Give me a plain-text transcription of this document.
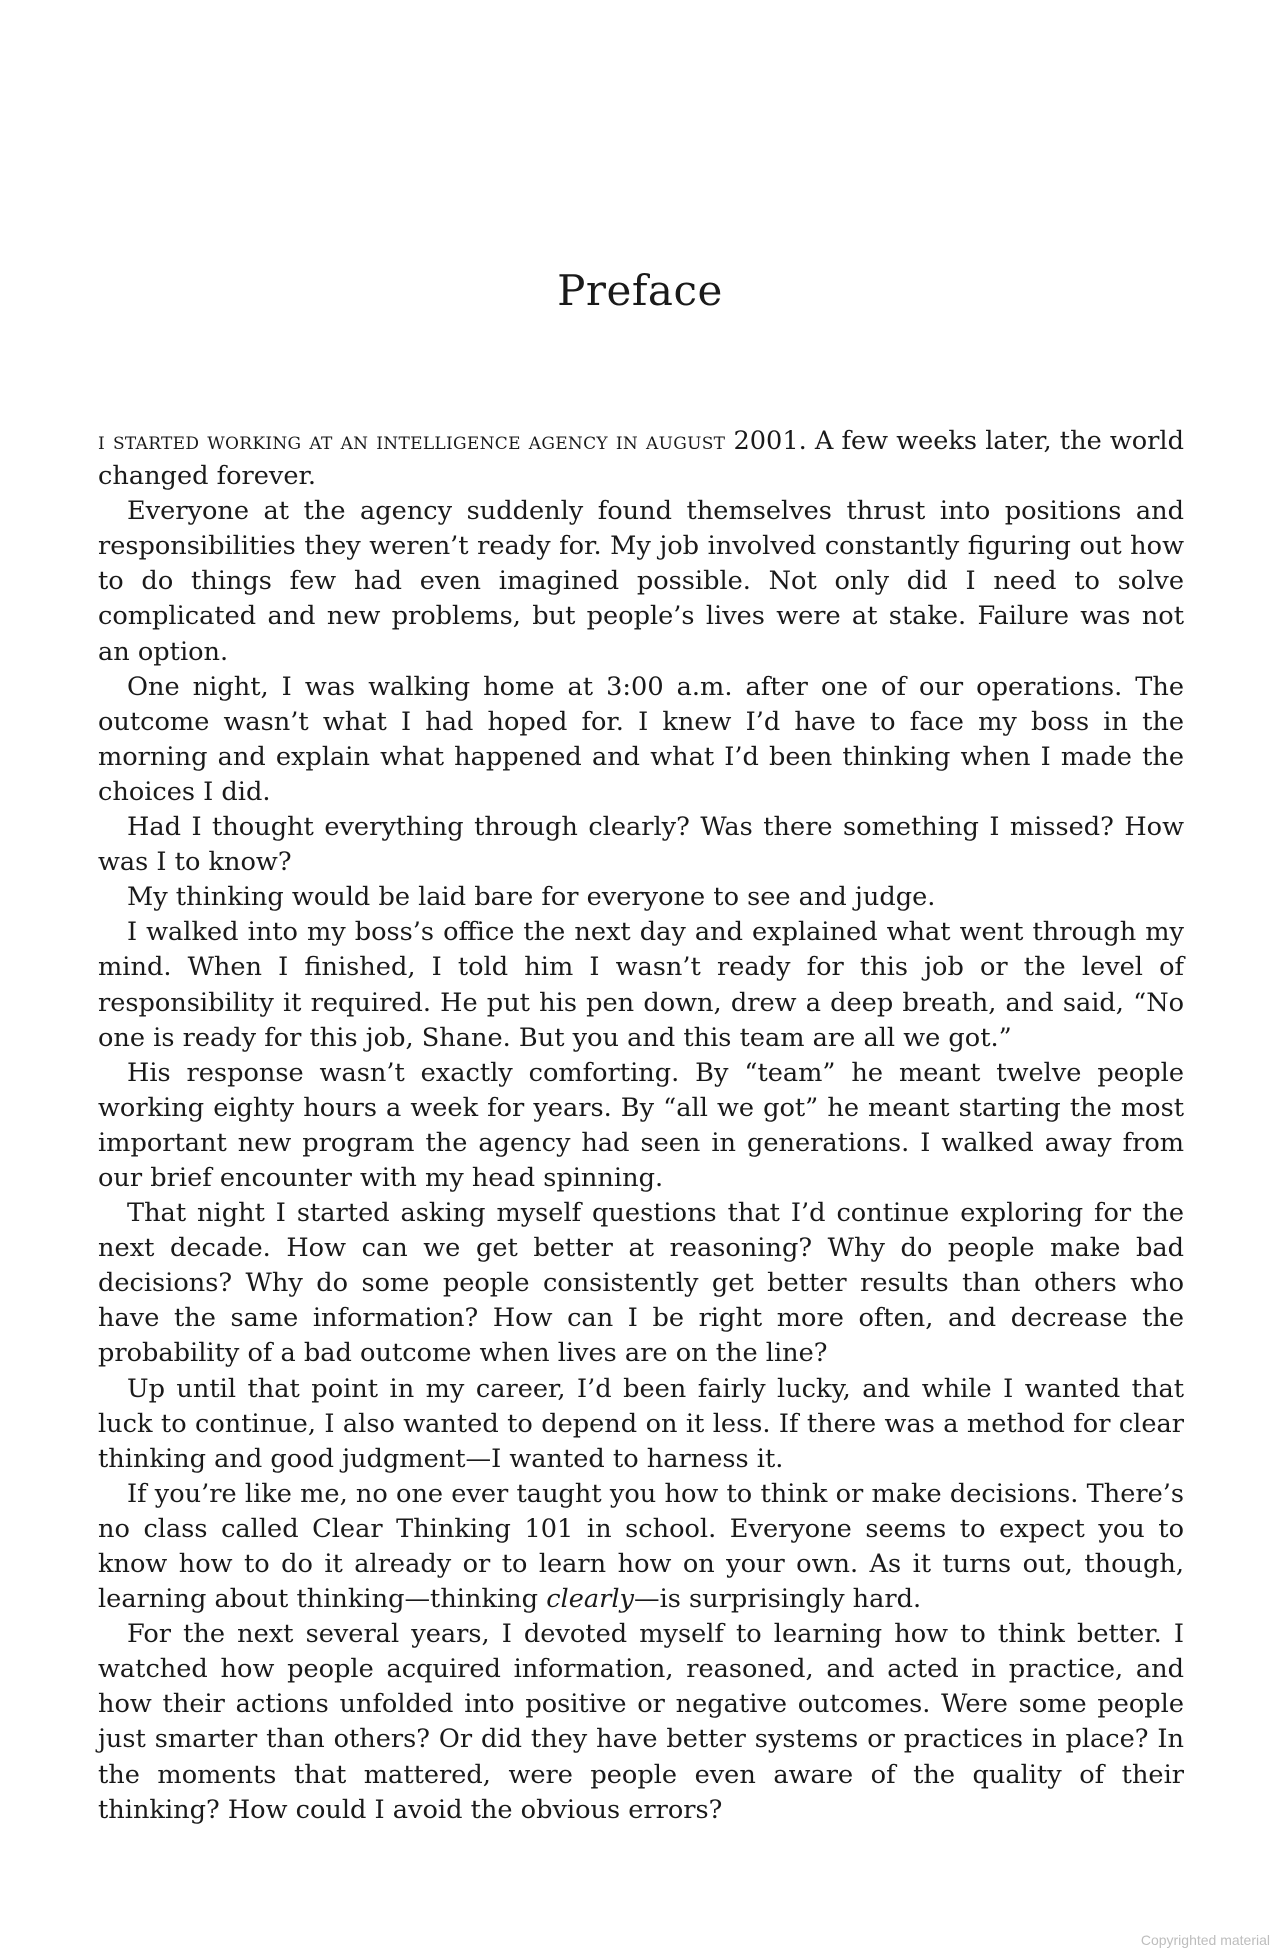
Preface

i started working at an intelligence agency in august 2001. A few weeks later, the world changed forever.

Everyone at the agency suddenly found themselves thrust into positions and responsibilities they weren’t ready for. My job involved constantly figuring out how to do things few had even imagined possible. Not only did I need to solve complicated and new problems, but people’s lives were at stake. Failure was not an option.

One night, I was walking home at 3:00 a.m. after one of our operations. The outcome wasn’t what I had hoped for. I knew I’d have to face my boss in the morning and explain what happened and what I’d been thinking when I made the choices I did.

Had I thought everything through clearly? Was there something I missed? How was I to know?

My thinking would be laid bare for everyone to see and judge.

I walked into my boss’s office the next day and explained what went through my mind. When I finished, I told him I wasn’t ready for this job or the level of responsibility it required. He put his pen down, drew a deep breath, and said, “No one is ready for this job, Shane. But you and this team are all we got.”

His response wasn’t exactly comforting. By “team” he meant twelve people working eighty hours a week for years. By “all we got” he meant starting the most important new program the agency had seen in generations. I walked away from our brief encounter with my head spinning.

That night I started asking myself questions that I’d continue exploring for the next decade. How can we get better at reasoning? Why do people make bad decisions? Why do some people consistently get better results than others who have the same information? How can I be right more often, and decrease the probability of a bad outcome when lives are on the line?

Up until that point in my career, I’d been fairly lucky, and while I wanted that luck to continue, I also wanted to depend on it less. If there was a method for clear thinking and good judgment—I wanted to harness it.

If you’re like me, no one ever taught you how to think or make decisions. There’s no class called Clear Thinking 101 in school. Everyone seems to expect you to know how to do it already or to learn how on your own. As it turns out, though, learning about thinking—thinking clearly—is surprisingly hard.

For the next several years, I devoted myself to learning how to think better. I watched how people acquired information, reasoned, and acted in practice, and how their actions unfolded into positive or negative outcomes. Were some people just smarter than others? Or did they have better systems or practices in place? In the moments that mattered, were people even aware of the quality of their thinking? How could I avoid the obvious errors?

Copyrighted material
